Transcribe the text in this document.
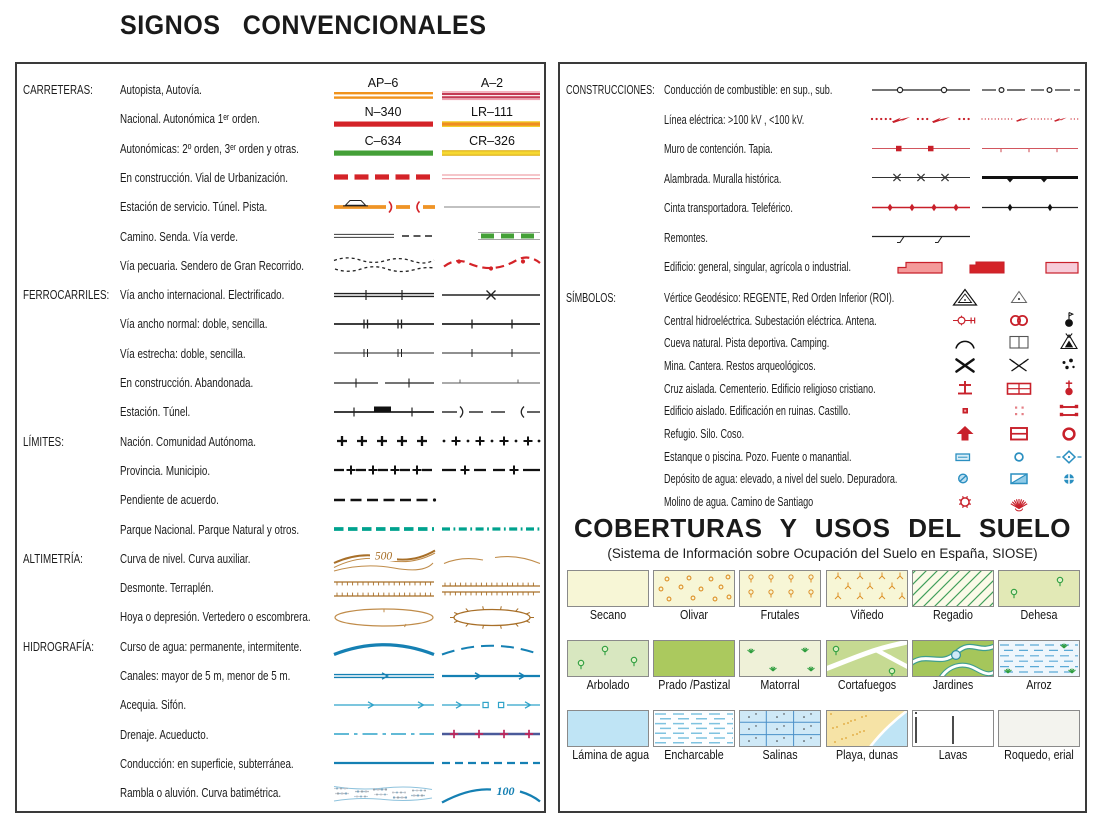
SIGNOS CONVENCIONALES
CARRETERAS: Autopista, Autovía.
AP–6	A–2
Nacional. Autonómica 1ᵉʳ orden.
N–340	LR–111
Autonómicas: 2º orden, 3ᵉʳ orden y otras.
C–634	CR–326
En construcción. Vial de Urbanización.
Estación de servicio. Túnel. Pista.
Camino. Senda. Vía verde.
Vía pecuaria. Sendero de Gran Recorrido.
FERROCARRILES: Vía ancho internacional. Electrificado.
Vía ancho normal: doble, sencilla.
Vía estrecha: doble, sencilla.
En construcción. Abandonada.
Estación. Túnel.
LÍMITES:	Nación. Comunidad Autónoma.
Provincia. Municipio.
Pendiente de acuerdo.
Parque Nacional. Parque Natural y otros.
ALTIMETRÍA:	Curva de nivel. Curva auxiliar.	500
Desmonte. Terraplén.
Hoya o depresión. Vertedero o escombrera.
HIDROGRAFÍA: Curso de agua: permanente, intermitente.
Canales: mayor de 5 m, menor de 5 m.
Acequia. Sifón.
Drenaje. Acueducto.
Conducción: en superficie, subterránea.
Rambla o aluvión. Curva batimétrica.	100
COBERTURAS Y USOS DEL SUELO
(Sistema de Información sobre Ocupación del Suelo en España, SIOSE)
CONSTRUCCIONES: Conducción de combustible: en sup., sub.
Línea eléctrica: >100 kV , <100 kV.
Muro de contención. Tapia.
Alambrada. Muralla histórica.
Cinta transportadora. Teleférico.
Remontes.
Edificio: general, singular, agrícola o industrial.
SÍMBOLOS:	Vértice Geodésico: REGENTE, Red Orden Inferior (ROI).
Central hidroeléctrica. Subestación eléctrica. Antena.	H
Cueva natural. Pista deportiva. Camping.
Mina. Cantera. Restos arqueológicos.
Cruz aislada. Cementerio. Edificio religioso cristiano.
Edificio aislado. Edificación en ruinas. Castillo.
Refugio. Silo. Coso.
Estanque o piscina. Pozo. Fuente o manantial.
Depósito de agua: elevado, a nivel del suelo. Depuradora.
Molino de agua. Camino de Santiago
Secano	Olivar	Frutales	Viñedo	Regadio	Dehesa
Arbolado	Prado /Pastizal	Matorral	Cortafuegos	Jardines	Arroz
Lámina de agua	Encharcable	Salinas	Playa, dunas	Lavas	Roquedo, erial
